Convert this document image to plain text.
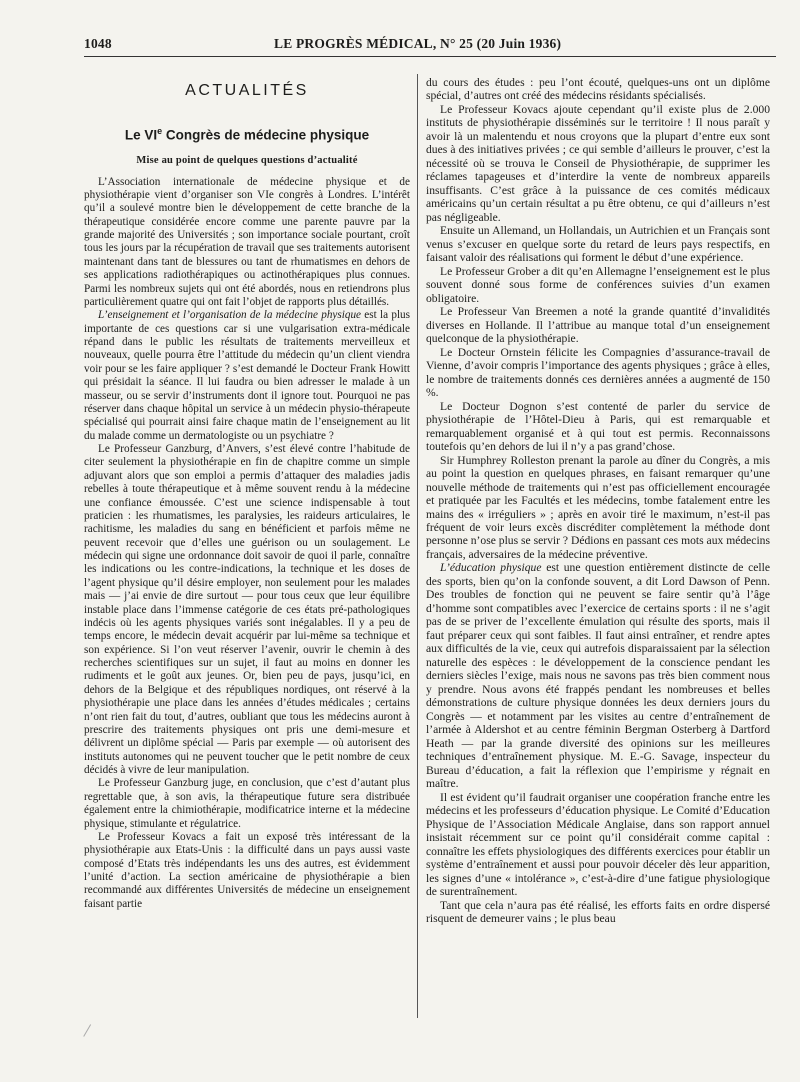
1048	LE PROGRÈS MÉDICAL, N° 25 (20 Juin 1936)
ACTUALITÉS
Le VIe Congrès de médecine physique
Mise au point de quelques questions d’actualité

L’Association internationale de médecine physique et de physiothérapie vient d’organiser son VIe congrès à Londres. L’intérêt qu’il a soulevé montre bien le développement de cette branche de la thérapeutique considérée encore comme une parente pauvre par la grande majorité des Universités ; son importance sociale pourtant, croît tous les jours par la récupération de travail que ses traitements autorisent maintenant dans tant de blessures ou tant de rhumatismes en dehors de ses applications radiothérapiques ou actinothérapiques plus connues. Parmi les nombreux sujets qui ont été abordés, nous en retiendrons plus particulièrement quatre qui ont fait l’objet de rapports plus détaillés.

L’enseignement et l’organisation de la médecine physique est la plus importante de ces questions car si une vulgarisation extra-médicale répand dans le public les résultats de traitements merveilleux et nouveaux, quelle pourra être l’attitude du médecin qu’un client viendra voir pour se les faire appliquer ? s’est demandé le Docteur Frank Howitt qui présidait la séance. Il lui faudra ou bien adresser le malade à un masseur, ou se servir d’instruments dont il ignore tout. Pourquoi ne pas réserver dans chaque hôpital un service à un médecin physio-thérapeute spécialisé qui pourrait ainsi faire chaque matin de l’enseignement au lit du malade comme un dermatologiste ou un psychiatre ?

Le Professeur Ganzburg, d’Anvers, s’est élevé contre l’habitude de citer seulement la physiothérapie en fin de chapitre comme un simple adjuvant alors que son emploi a permis d’attaquer des maladies jadis rebelles à toute thérapeutique et à même souvent rendu à la médecine une confiance émoussée. C’est une science indispensable à tout praticien : les rhumatismes, les paralysies, les raideurs articulaires, le rachitisme, les maladies du sang en bénéficient et parfois même ne peuvent recevoir que d’elles une guérison ou un soulagement. Le médecin qui signe une ordonnance doit savoir de quoi il parle, connaître les indications ou les contre-indications, la technique et les doses de l’agent physique qu’il désire employer, non seulement pour les malades mais — j’ai envie de dire surtout — pour tous ceux que leur équilibre instable place dans l’immense catégorie de ces états pré-pathologiques indécis où les agents physiques variés sont inégalables. Il y a peu de temps encore, le médecin devait acquérir par lui-même sa technique et son expérience. Si l’on veut réserver l’avenir, ouvrir le chemin à des recherches scientifiques sur un sujet, il faut au moins en donner les rudiments et le goût aux jeunes. Or, bien peu de pays, jusqu’ici, en dehors de la Belgique et des républiques nordiques, ont réservé à la physiothérapie une place dans les années d’études médicales ; certains n’ont rien fait du tout, d’autres, oubliant que tous les médecins auront à prescrire des traitements physiques ont pris une demi-mesure et délivrent un diplôme spécial — Paris par exemple — où autorisent des instituts autonomes qui ne peuvent toucher que le petit nombre de ceux décidés à vivre de leur manipulation.

Le Professeur Ganzburg juge, en conclusion, que c’est d’autant plus regrettable que, à son avis, la thérapeutique future sera distribuée également entre la chimiothérapie, modificatrice interne et la médecine physique, stimulante et régulatrice.

Le Professeur Kovacs a fait un exposé très intéressant de la physiothérapie aux Etats-Unis : la difficulté dans un pays aussi vaste composé d’Etats très indépendants les uns des autres, est évidemment l’unité d’action. La section américaine de physiothérapie a bien recommandé aux différentes Universités de médecine un enseignement faisant partie

du cours des études : peu l’ont écouté, quelques-uns ont un diplôme spécial, d’autres ont créé des médecins résidants spécialisés.

Le Professeur Kovacs ajoute cependant qu’il existe plus de 2.000 instituts de physiothérapie disséminés sur le territoire ! Il nous paraît y avoir là un malentendu et nous croyons que la plupart d’entre eux sont dues à des initiatives privées ; ce qui semble d’ailleurs le prouver, c’est la nécessité où se trouva le Conseil de Physiothérapie, de supprimer les réclames tapageuses et d’interdire la vente de nombreux appareils insuffisants. C’est grâce à la puissance de ces comités médicaux américains qu’un certain résultat a pu être obtenu, ce qui d’ailleurs n’est pas négligeable.

Ensuite un Allemand, un Hollandais, un Autrichien et un Français sont venus s’excuser en quelque sorte du retard de leurs pays respectifs, en faisant valoir des réalisations qui forment le début d’une expérience.

Le Professeur Grober a dit qu’en Allemagne l’enseignement est le plus souvent donné sous forme de conférences suivies d’un examen obligatoire.

Le Professeur Van Breemen a noté la grande quantité d’invalidités diverses en Hollande. Il l’attribue au manque total d’un enseignement quelconque de la physiothérapie.

Le Docteur Ornstein félicite les Compagnies d’assurance-travail de Vienne, d’avoir compris l’importance des agents physiques ; grâce à elles, le nombre de traitements donnés ces dernières années a augmenté de 150 %.

Le Docteur Dognon s’est contenté de parler du service de physiothérapie de l’Hôtel-Dieu à Paris, qui est remarquable et remarquablement organisé et à qui tout est permis. Reconnaissons toutefois qu’en dehors de lui il n’y a pas grand’chose.

Sir Humphrey Rolleston prenant la parole au dîner du Congrès, a mis au point la question en quelques phrases, en faisant remarquer qu’une nouvelle méthode de traitements qui n’est pas officiellement encouragée et pratiquée par les Facultés et les médecins, tombe fatalement entre les mains des « irréguliers » ; après en avoir tiré le maximum, n’est-il pas fréquent de voir leurs excès discréditer complètement la méthode dont personne n’ose plus se servir ? Dédions en passant ces mots aux médecins français, adversaires de la médecine préventive.

L’éducation physique est une question entièrement distincte de celle des sports, bien qu’on la confonde souvent, a dit Lord Dawson of Penn. Des troubles de fonction qui ne peuvent se faire sentir qu’à l’âge d’homme sont compatibles avec l’exercice de certains sports : il ne s’agit pas de se priver de l’excellente émulation qui résulte des sports, mais il faut préparer ceux qui sont faibles. Il faut ainsi entraîner, et rendre aptes aux difficultés de la vie, ceux qui autrefois disparaissaient par la sélection naturelle des espèces : le développement de la conscience pendant les derniers siècles l’exige, mais nous ne savons pas très bien comment nous y prendre. Nous avons été frappés pendant les nombreuses et belles démonstrations de culture physique données les deux derniers jours du Congrès — et notamment par les visites au centre d’entraînement de l’armée à Aldershot et au centre féminin Bergman Osterberg à Dartford Heath — par la grande diversité des opinions sur les meilleures techniques d’entraînement physique. M. E.-G. Savage, inspecteur du Bureau d’éducation, a fait la réflexion que l’empirisme y régnait en maître.

Il est évident qu’il faudrait organiser une coopération franche entre les médecins et les professeurs d’éducation physique. Le Comité d’Education Physique de l’Association Médicale Anglaise, dans son rapport annuel insistait récemment sur ce point qu’il considérait comme capital : connaître les effets physiologiques des différents exercices pour établir un système d’entraînement et aussi pour pouvoir déceler dès leur apparition, les signes d’une « intolérance », c’est-à-dire d’une fatigue physiologique de surentraînement.

Tant que cela n’aura pas été réalisé, les efforts faits en ordre dispersé risquent de demeurer vains ; le plus beau
